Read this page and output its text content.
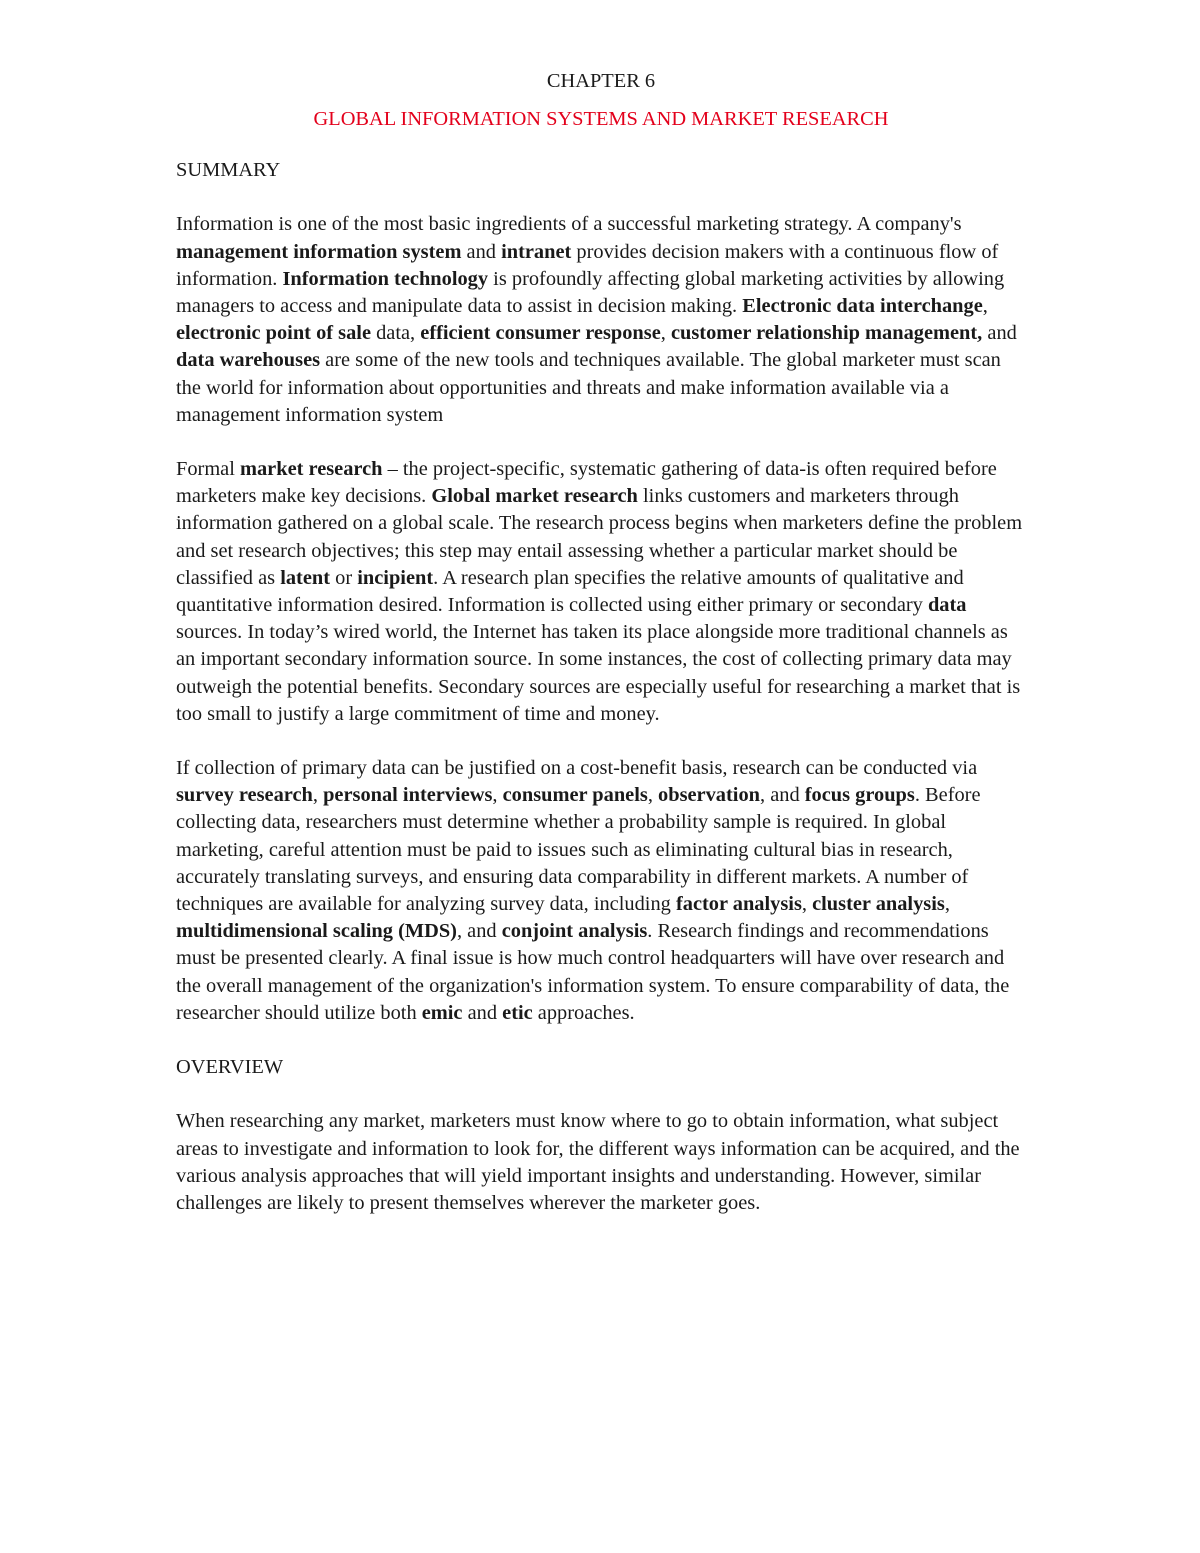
CHAPTER 6
GLOBAL INFORMATION SYSTEMS AND MARKET RESEARCH
SUMMARY

Information is one of the most basic ingredients of a successful marketing strategy. A company's management information system and intranet provides decision makers with a continuous flow of information. Information technology is profoundly affecting global marketing activities by allowing managers to access and manipulate data to assist in decision making. Electronic data interchange, electronic point of sale data, efficient consumer response, customer relationship management, and data warehouses are some of the new tools and techniques available. The global marketer must scan the world for information about opportunities and threats and make information available via a management information system

Formal market research – the project-specific, systematic gathering of data-is often required before marketers make key decisions. Global market research links customers and marketers through information gathered on a global scale. The research process begins when marketers define the problem and set research objectives; this step may entail assessing whether a particular market should be classified as latent or incipient. A research plan specifies the relative amounts of qualitative and quantitative information desired. Information is collected using either primary or secondary data sources. In today’s wired world, the Internet has taken its place alongside more traditional channels as an important secondary information source. In some instances, the cost of collecting primary data may outweigh the potential benefits. Secondary sources are especially useful for researching a market that is too small to justify a large commitment of time and money.

If collection of primary data can be justified on a cost-benefit basis, research can be conducted via survey research, personal interviews, consumer panels, observation, and focus groups. Before collecting data, researchers must determine whether a probability sample is required. In global marketing, careful attention must be paid to issues such as eliminating cultural bias in research, accurately translating surveys, and ensuring data comparability in different markets. A number of techniques are available for analyzing survey data, including factor analysis, cluster analysis, multidimensional scaling (MDS), and conjoint analysis. Research findings and recommendations must be presented clearly. A final issue is how much control headquarters will have over research and the overall management of the organization's information system. To ensure comparability of data, the researcher should utilize both emic and etic approaches.

OVERVIEW

When researching any market, marketers must know where to go to obtain information, what subject areas to investigate and information to look for, the different ways information can be acquired, and the various analysis approaches that will yield important insights and understanding. However, similar challenges are likely to present themselves wherever the marketer goes.
